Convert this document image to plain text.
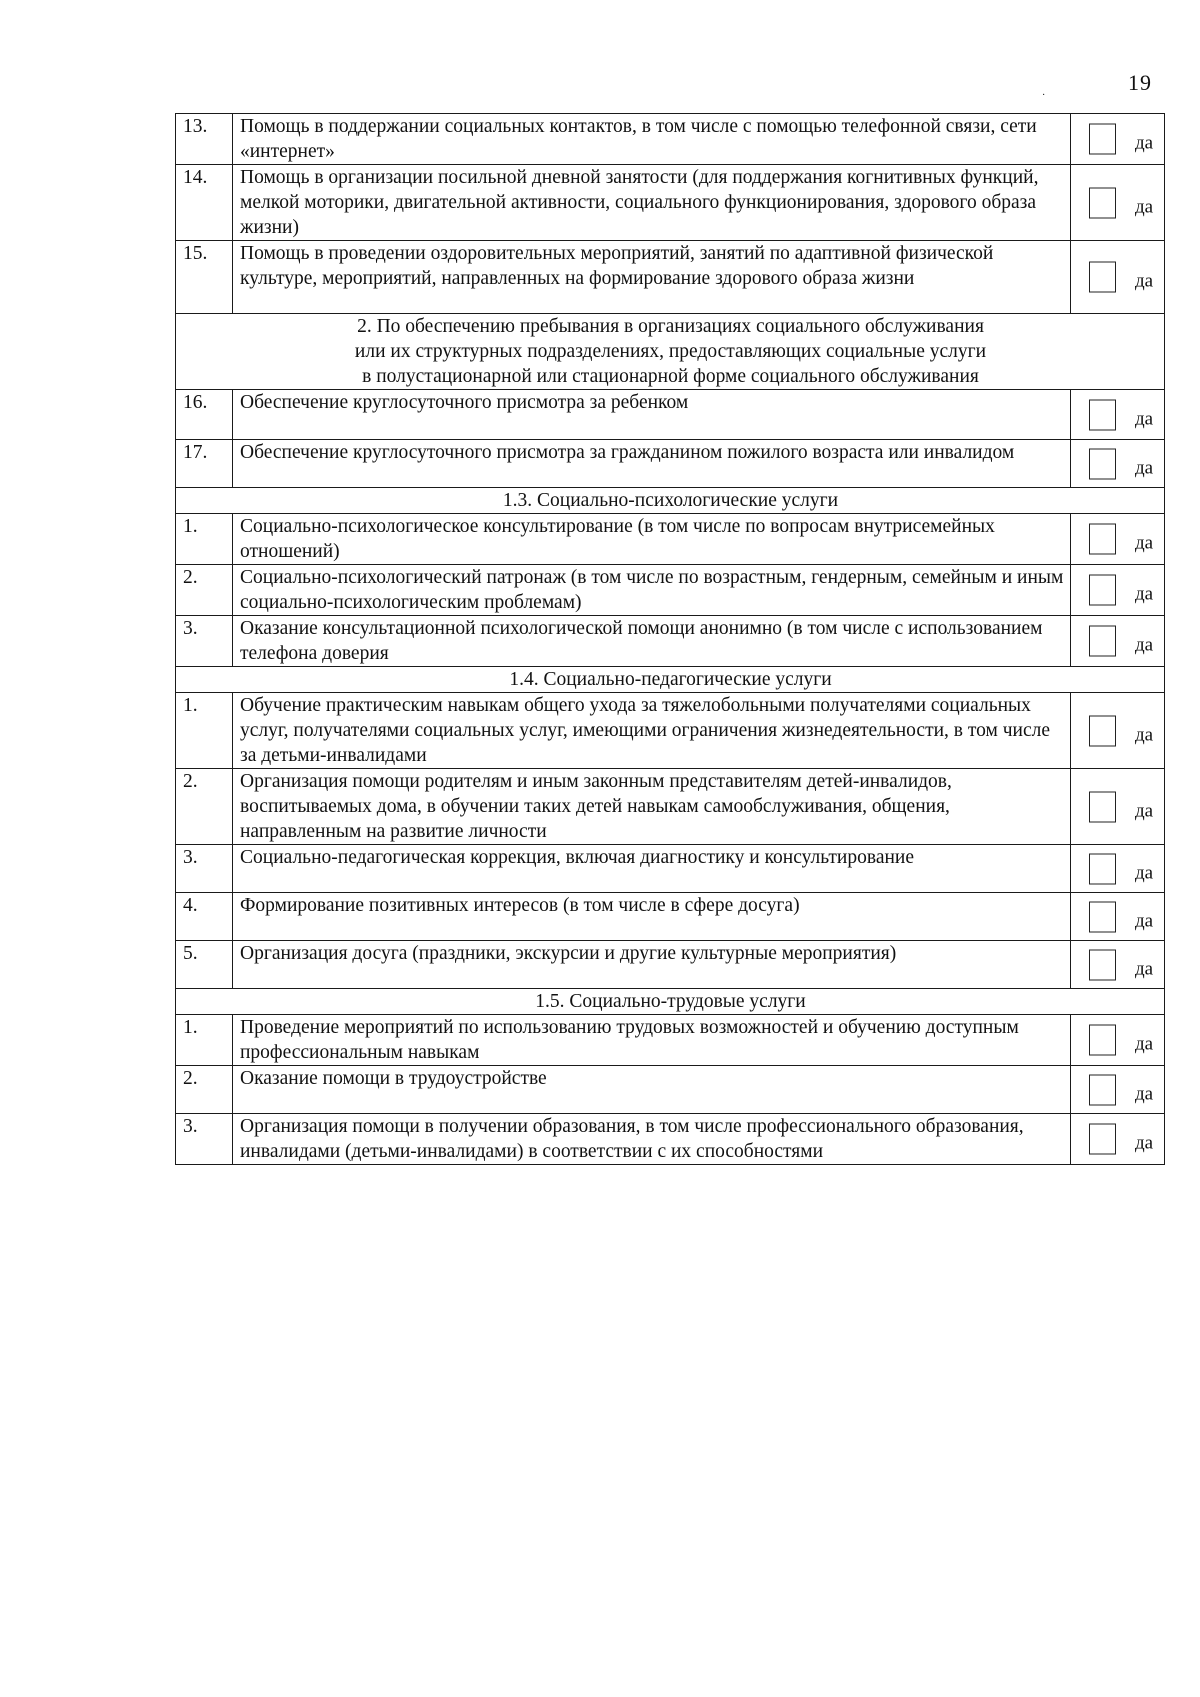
19
·
13.	Помощь в поддержании социальных контактов, в том числе с помощью телефонной связи, сети «интернет»	да

14.	Помощь в организации посильной дневной занятости (для поддержания когнитивных функций, мелкой моторики, двигательной активности, социального функционирования, здорового образа жизни)	да

15.	Помощь в проведении оздоровительных мероприятий, занятий по адаптивной физической культуре, мероприятий, направленных на формирование здорового образа жизни	да

2. По обеспечению пребывания в организациях социального обслуживания
или их структурных подразделениях, предоставляющих социальные услуги
в полустационарной или стационарной форме социального обслуживания		

16.	Обеспечение круглосуточного присмотра за ребенком	да

17.	Обеспечение круглосуточного присмотра за гражданином пожилого возраста или инвалидом	да

1.3. Социально-психологические услуги		

1.	Социально-психологическое консультирование (в том числе по вопросам внутрисемейных отношений)	да

2.	Социально-психологический патронаж (в том числе по возрастным, гендерным, семейным и иным социально-психологическим проблемам)	да

3.	Оказание консультационной психологической помощи анонимно (в том числе с использованием телефона доверия	да

1.4. Социально-педагогические услуги		

1.	Обучение практическим навыкам общего ухода за тяжелобольными получателями социальных услуг, получателями социальных услуг, имеющими ограничения жизнедеятельности, в том числе за детьми-инвалидами	да

2.	Организация помощи родителям и иным законным представителям детей-инвалидов, воспитываемых дома, в обучении таких детей навыкам самообслуживания, общения, направленным на развитие личности	да

3.	Социально-педагогическая коррекция, включая диагностику и консультирование	да

4.	Формирование позитивных интересов (в том числе в сфере досуга)	да

5.	Организация досуга (праздники, экскурсии и другие культурные мероприятия)	да

1.5. Социально-трудовые услуги		

1.	Проведение мероприятий по использованию трудовых возможностей и обучению доступным профессиональным навыкам	да

2.	Оказание помощи в трудоустройстве	да

3.	Организация помощи в получении образования, в том числе профессионального образования, инвалидами (детьми-инвалидами) в соответствии с их способностями	да
